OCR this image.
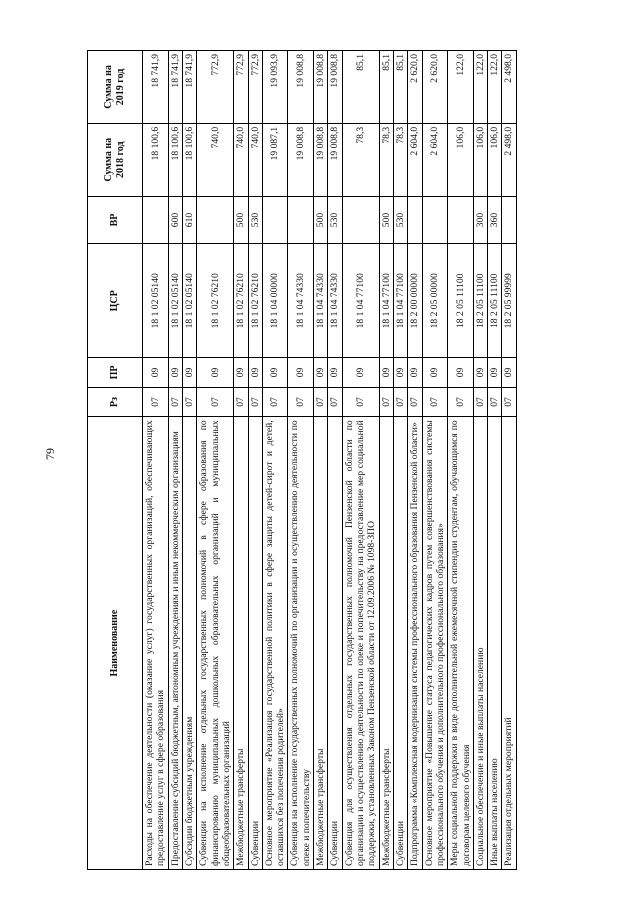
79
Наименование	Рз	ПР	ЦСР	ВР	Сумма на 2018 год	Сумма на 2019 год
Расходы на обеспечение деятельности (оказание услуг) государственных организаций, обеспечивающих предоставление услуг в сфере образования	07	09	18 1 02 05140		18 100,6	18 741,9
Предоставление субсидий бюджетным, автономным учреждениям и иным некоммерческим организациям	07	09	18 1 02 05140	600	18 100,6	18 741,9
Субсидии бюджетным учреждениям	07	09	18 1 02 05140	610	18 100,6	18 741,9
Субвенции на исполнение отдельных государственных полномочий в сфере образования по финансированию муниципальных дошкольных образовательных организаций и муниципальных общеобразовательных организаций	07	09	18 1 02 76210		740,0	772,9
Межбюджетные трансферты	07	09	18 1 02 76210	500	740,0	772,9
Субвенции	07	09	18 1 02 76210	530	740,0	772,9
Основное мероприятие «Реализация государственной политики в сфере защиты детей-сирот и детей, оставшихся без попечения родителей»	07	09	18 1 04 00000		19 087,1	19 093,9
Субвенция на исполнение государственных полномочий по организации и осуществлению деятельности по опеке и попечительству	07	09	18 1 04 74330		19 008,8	19 008,8
Межбюджетные трансферты	07	09	18 1 04 74330	500	19 008,8	19 008,8
Субвенции	07	09	18 1 04 74330	530	19 008,8	19 008,8
Субвенция для осуществления отдельных государственных полномочий Пензенской области по организации и осуществлению деятельности по опеке и попечительству на предоставление мер социальной поддержки, установленных Законом Пензенской области от 12.09.2006 № 1098-ЗПО	07	09	18 1 04 77100		78,3	85,1
Межбюджетные трансферты	07	09	18 1 04 77100	500	78,3	85,1
Субвенции	07	09	18 1 04 77100	530	78,3	85,1
Подпрограмма «Комплексная модернизация системы профессионального образования Пензенской области»	07	09	18 2 00 00000		2 604,0	2 620,0
Основное мероприятие «Повышение статуса педагогических кадров путем совершенствования системы профессионального обучения и дополнительного профессионального образования»	07	09	18 2 05 00000		2 604,0	2 620,0
Меры социальной поддержки в виде дополнительной ежемесячной стипендии студентам, обучающимся по договорам целевого обучения	07	09	18 2 05 11100		106,0	122,0
Социальное обеспечение и иные выплаты населению	07	09	18 2 05 11100	300	106,0	122,0
Иные выплаты населению	07	09	18 2 05 11100	360	106,0	122,0
Реализация отдельных мероприятий	07	09	18 2 05 99999		2 498,0	2 498,0
